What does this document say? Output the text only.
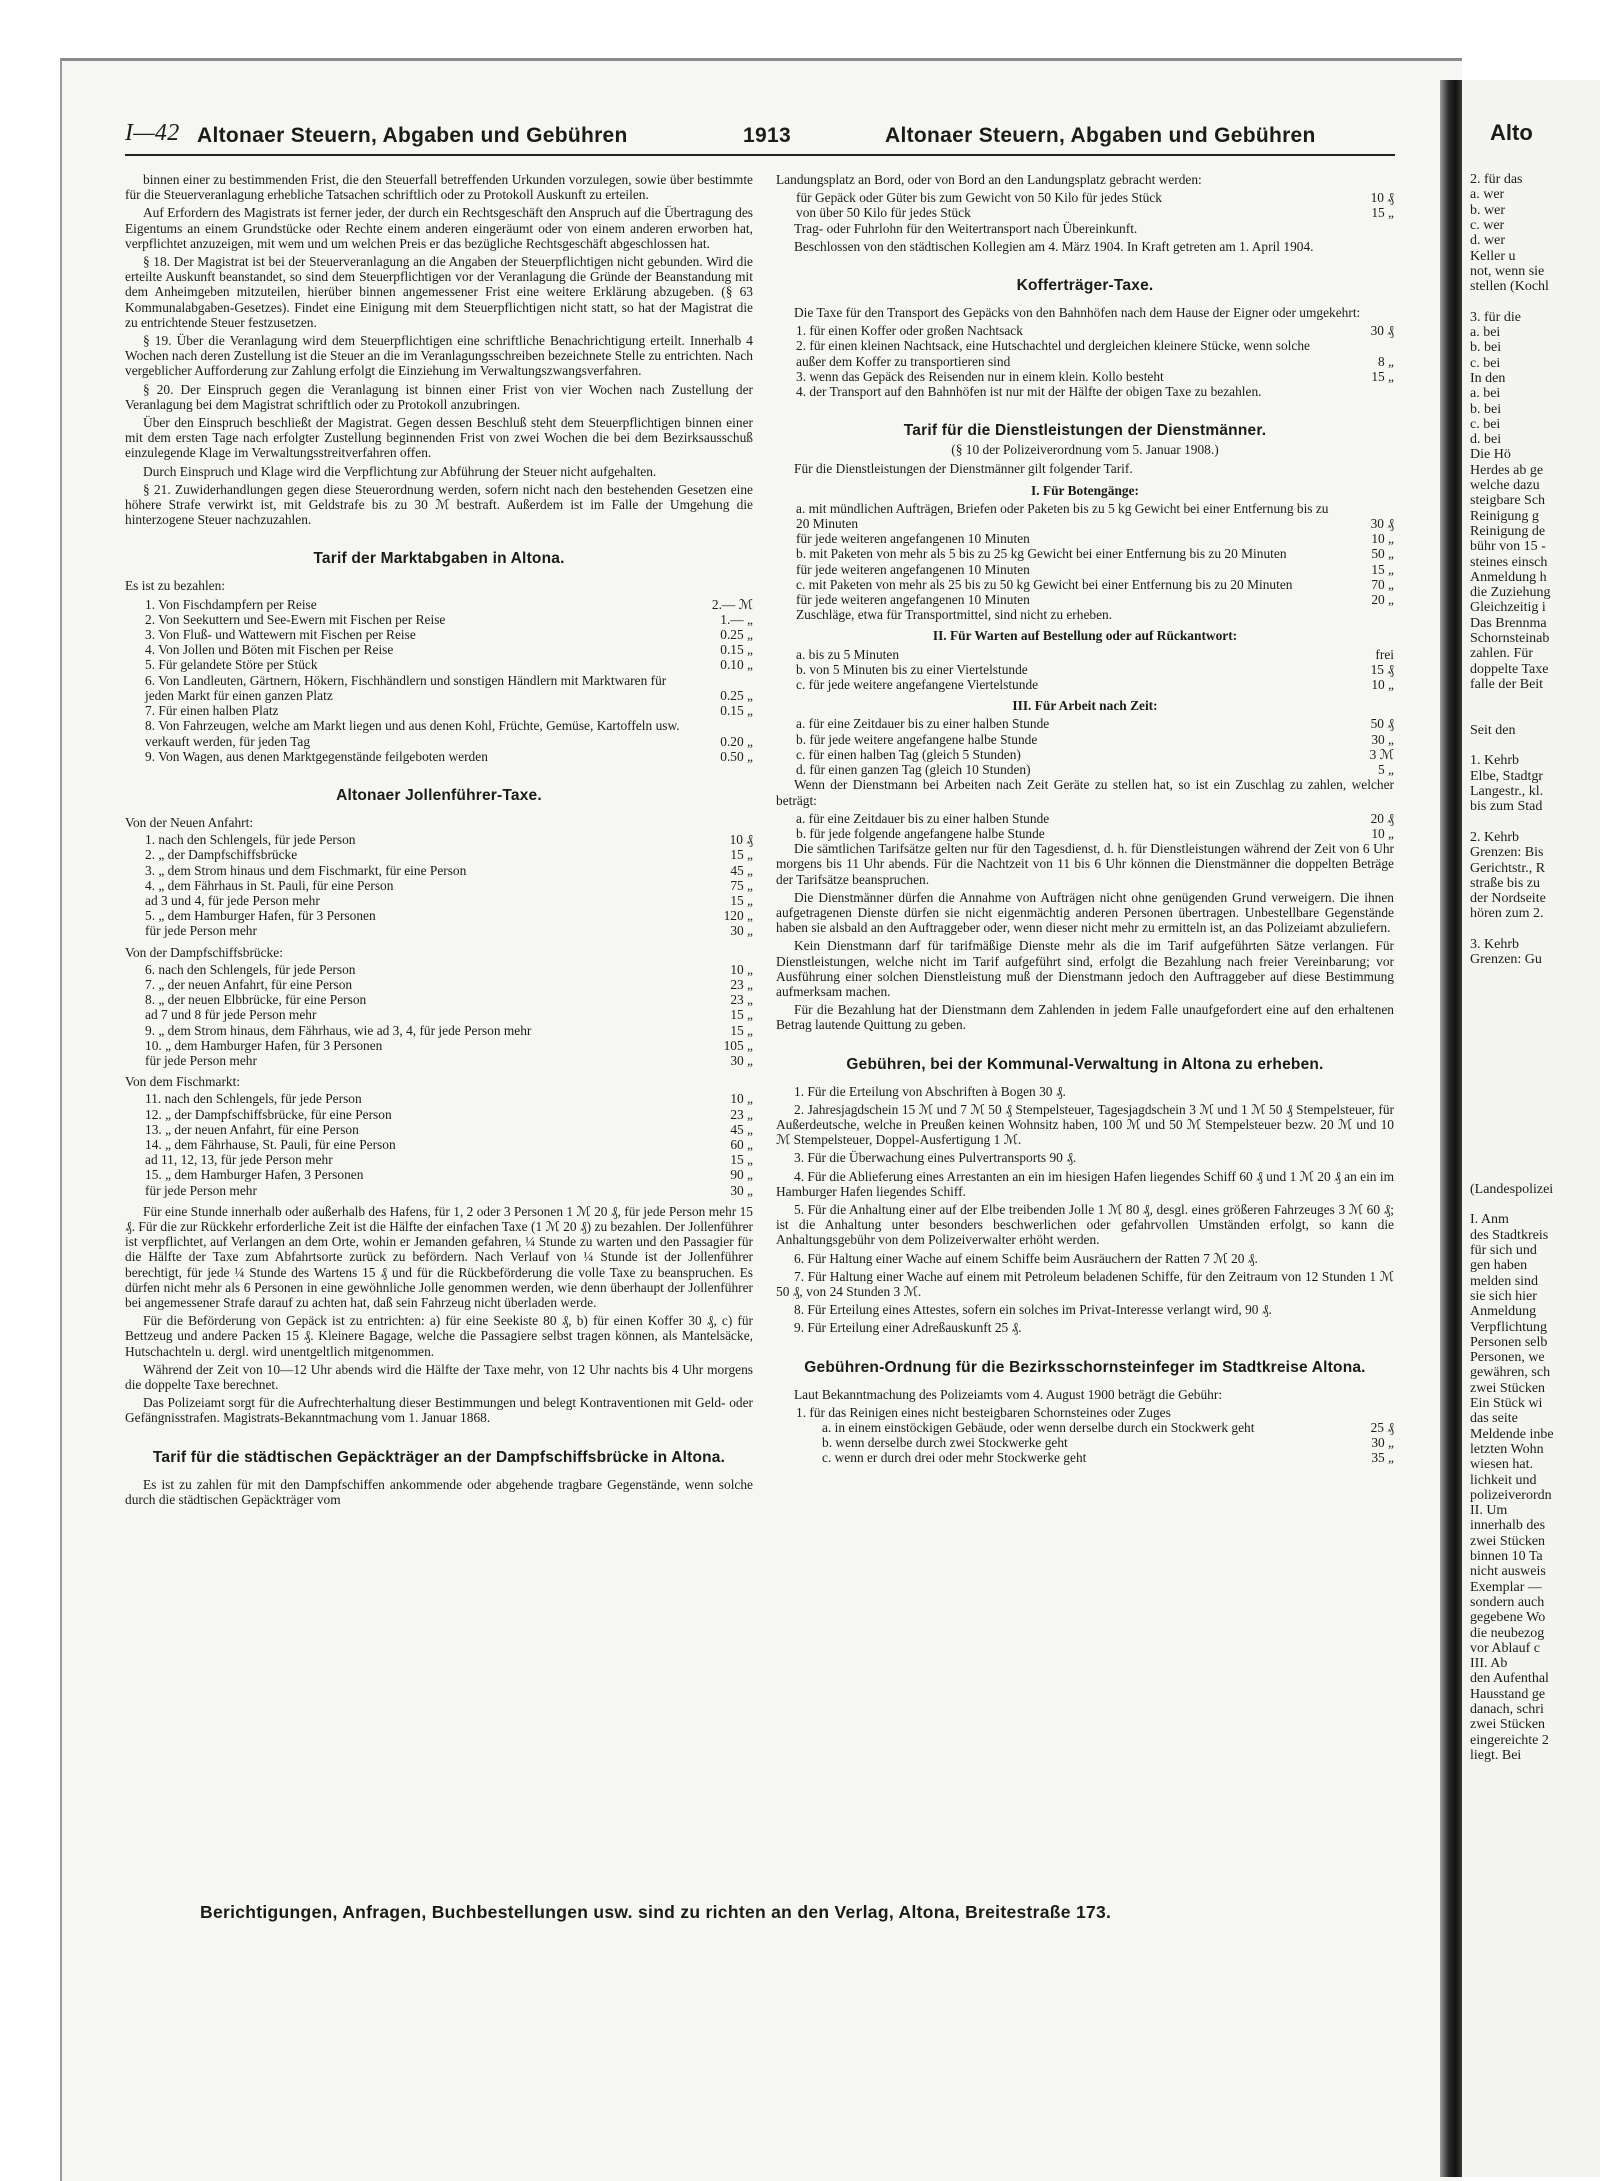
Alto
2. für das
a. wer
b. wer
c. wer
d. wer
Keller u
not, wenn sie
stellen (Kochl
3. für die
a. bei
b. bei
c. bei
In den
a. bei
b. bei
c. bei
d. bei
Die Hö
Herdes ab ge
welche dazu
steigbare Sch
Reinigung g
Reinigung de
bühr von 15 -
steines einsch
Anmeldung h
die Zuziehung
Gleichzeitig i
Das Brennma
Schornsteinab
zahlen. Für
doppelte Taxe
falle der Beit
Seit den
1. Kehrb
Elbe, Stadtgr
Langestr., kl.
bis zum Stad
2. Kehrb
Grenzen: Bis
Gerichtstr., R
straße bis zu
der Nordseite
hören zum 2.
3. Kehrb
Grenzen: Gu
(Landespolizei
I. Anm
des Stadtkreis
für sich und
gen haben
melden sind
sie sich hier
Anmeldung
Verpflichtung
Personen selb
Personen, we
gewähren, sch
zwei Stücken
Ein Stück wi
das seite
Meldende inbe
letzten Wohn
wiesen hat.
lichkeit und
polizeiverordn
II. Um
innerhalb des
zwei Stücken
binnen 10 Ta
nicht ausweis
Exemplar —
sondern auch
gegebene Wo
die neubezog
vor Ablauf c
III. Ab
den Aufenthal
Hausstand ge
danach, schri
zwei Stücken
eingereichte 2
liegt. Bei
I—42 Altonaer Steuern, Abgaben und Gebühren	1913	Altonaer Steuern, Abgaben und Gebühren

binnen einer zu bestimmenden Frist, die den Steuerfall betreffenden Urkunden vorzulegen, sowie über bestimmte für die Steuerveranlagung erhebliche Tatsachen schriftlich oder zu Protokoll Auskunft zu erteilen.

Auf Erfordern des Magistrats ist ferner jeder, der durch ein Rechtsgeschäft den Anspruch auf die Übertragung des Eigentums an einem Grundstücke oder Rechte einem anderen eingeräumt oder von einem anderen erworben hat, verpflichtet anzuzeigen, mit wem und um welchen Preis er das bezügliche Rechtsgeschäft abgeschlossen hat.

§ 18. Der Magistrat ist bei der Steuerveranlagung an die Angaben der Steuerpflichtigen nicht gebunden. Wird die erteilte Auskunft beanstandet, so sind dem Steuerpflichtigen vor der Veranlagung die Gründe der Beanstandung mit dem Anheimgeben mitzuteilen, hierüber binnen angemessener Frist eine weitere Erklärung abzugeben. (§ 63 Kommunalabgaben-Gesetzes). Findet eine Einigung mit dem Steuerpflichtigen nicht statt, so hat der Magistrat die zu entrichtende Steuer festzusetzen.

§ 19. Über die Veranlagung wird dem Steuerpflichtigen eine schriftliche Benachrichtigung erteilt. Innerhalb 4 Wochen nach deren Zustellung ist die Steuer an die im Veranlagungsschreiben bezeichnete Stelle zu entrichten. Nach vergeblicher Aufforderung zur Zahlung erfolgt die Einziehung im Verwaltungszwangsverfahren.

§ 20. Der Einspruch gegen die Veranlagung ist binnen einer Frist von vier Wochen nach Zustellung der Veranlagung bei dem Magistrat schriftlich oder zu Protokoll anzubringen.

Über den Einspruch beschließt der Magistrat. Gegen dessen Beschluß steht dem Steuerpflichtigen binnen einer mit dem ersten Tage nach erfolgter Zustellung beginnenden Frist von zwei Wochen die bei dem Bezirksausschuß einzulegende Klage im Verwaltungsstreitverfahren offen.

Durch Einspruch und Klage wird die Verpflichtung zur Abführung der Steuer nicht aufgehalten.

§ 21. Zuwiderhandlungen gegen diese Steuerordnung werden, sofern nicht nach den bestehenden Gesetzen eine höhere Strafe verwirkt ist, mit Geldstrafe bis zu 30 ℳ bestraft. Außerdem ist im Falle der Umgehung die hinterzogene Steuer nachzuzahlen.

Tarif der Marktabgaben in Altona.

Es ist zu bezahlen:

1. Von Fischdampfern per Reise	2.— ℳ
2. Von Seekuttern und See-Ewern mit Fischen per Reise	1.— „
3. Von Fluß- und Wattewern mit Fischen per Reise	0.25 „
4. Von Jollen und Böten mit Fischen per Reise	0.15 „
5. Für gelandete Störe per Stück	0.10 „
6. Von Landleuten, Gärtnern, Hökern, Fischhändlern und sonstigen Händlern mit Marktwaren für jeden Markt für einen ganzen Platz	0.25 „
7. Für einen halben Platz	0.15 „
8. Von Fahrzeugen, welche am Markt liegen und aus denen Kohl, Früchte, Gemüse, Kartoffeln usw. verkauft werden, für jeden Tag	0.20 „
9. Von Wagen, aus denen Marktgegenstände feilgeboten werden	0.50 „
Altonaer Jollenführer-Taxe.
Von der Neuen Anfahrt:
1. nach den Schlengels, für jede Person	10 ₰
2. „ der Dampfschiffsbrücke	15 „
3. „ dem Strom hinaus und dem Fischmarkt, für eine Person	45 „
4. „ dem Fährhaus in St. Pauli, für eine Person	75 „
ad 3 und 4, für jede Person mehr	15 „
5. „ dem Hamburger Hafen, für 3 Personen	120 „
für jede Person mehr	30 „
Von der Dampfschiffsbrücke:
6. nach den Schlengels, für jede Person	10 „
7. „ der neuen Anfahrt, für eine Person	23 „
8. „ der neuen Elbbrücke, für eine Person	23 „
ad 7 und 8 für jede Person mehr	15 „
9. „ dem Strom hinaus, dem Fährhaus, wie ad 3, 4, für jede Person mehr	15 „
10. „ dem Hamburger Hafen, für 3 Personen	105 „
für jede Person mehr	30 „
Von dem Fischmarkt:
11. nach den Schlengels, für jede Person	10 „
12. „ der Dampfschiffsbrücke, für eine Person	23 „
13. „ der neuen Anfahrt, für eine Person	45 „
14. „ dem Fährhause, St. Pauli, für eine Person	60 „
ad 11, 12, 13, für jede Person mehr	15 „
15. „ dem Hamburger Hafen, 3 Personen	90 „
für jede Person mehr	30 „

Für eine Stunde innerhalb oder außerhalb des Hafens, für 1, 2 oder 3 Personen 1 ℳ 20 ₰, für jede Person mehr 15 ₰. Für die zur Rückkehr erforderliche Zeit ist die Hälfte der einfachen Taxe (1 ℳ 20 ₰) zu bezahlen. Der Jollenführer ist verpflichtet, auf Verlangen an dem Orte, wohin er Jemanden gefahren, ¼ Stunde zu warten und den Passagier für die Hälfte der Taxe zum Abfahrtsorte zurück zu befördern. Nach Verlauf von ¼ Stunde ist der Jollenführer berechtigt, für jede ¼ Stunde des Wartens 15 ₰ und für die Rückbeförderung die volle Taxe zu beanspruchen. Es dürfen nicht mehr als 6 Personen in eine gewöhnliche Jolle genommen werden, wie denn überhaupt der Jollenführer bei angemessener Strafe darauf zu achten hat, daß sein Fahrzeug nicht überladen werde.

Für die Beförderung von Gepäck ist zu entrichten: a) für eine Seekiste 80 ₰, b) für einen Koffer 30 ₰, c) für Bettzeug und andere Packen 15 ₰. Kleinere Bagage, welche die Passagiere selbst tragen können, als Mantelsäcke, Hutschachteln u. dergl. wird unentgeltlich mitgenommen.

Während der Zeit von 10—12 Uhr abends wird die Hälfte der Taxe mehr, von 12 Uhr nachts bis 4 Uhr morgens die doppelte Taxe berechnet.

Das Polizeiamt sorgt für die Aufrechterhaltung dieser Bestimmungen und belegt Kontraventionen mit Geld- oder Gefängnisstrafen. Magistrats-Bekanntmachung vom 1. Januar 1868.

Tarif für die städtischen Gepäckträger an der Dampfschiffsbrücke in Altona.

Es ist zu zahlen für mit den Dampfschiffen ankommende oder abgehende tragbare Gegenstände, wenn solche durch die städtischen Gepäckträger vom

Landungsplatz an Bord, oder von Bord an den Landungsplatz gebracht werden:

für Gepäck oder Güter bis zum Gewicht von 50 Kilo für jedes Stück	10 ₰
von über 50 Kilo für jedes Stück	15 „

Trag- oder Fuhrlohn für den Weitertransport nach Übereinkunft.

Beschlossen von den städtischen Kollegien am 4. März 1904. In Kraft getreten am 1. April 1904.

Kofferträger-Taxe.

Die Taxe für den Transport des Gepäcks von den Bahnhöfen nach dem Hause der Eigner oder umgekehrt:

1. für einen Koffer oder großen Nachtsack	30 ₰
2. für einen kleinen Nachtsack, eine Hutschachtel und dergleichen kleinere Stücke, wenn solche außer dem Koffer zu transportieren sind	8 „
3. wenn das Gepäck des Reisenden nur in einem klein. Kollo besteht	15 „
4. der Transport auf den Bahnhöfen ist nur mit der Hälfte der obigen Taxe zu bezahlen.
Tarif für die Dienstleistungen der Dienstmänner.
(§ 10 der Polizeiverordnung vom 5. Januar 1908.)

Für die Dienstleistungen der Dienstmänner gilt folgender Tarif.

I. Für Botengänge:
a. mit mündlichen Aufträgen, Briefen oder Paketen bis zu 5 kg Gewicht bei einer Entfernung bis zu 20 Minuten	30 ₰
für jede weiteren angefangenen 10 Minuten	10 „
b. mit Paketen von mehr als 5 bis zu 25 kg Gewicht bei einer Entfernung bis zu 20 Minuten	50 „
für jede weiteren angefangenen 10 Minuten	15 „
c. mit Paketen von mehr als 25 bis zu 50 kg Gewicht bei einer Entfernung bis zu 20 Minuten	70 „
für jede weiteren angefangenen 10 Minuten	20 „
Zuschläge, etwa für Transportmittel, sind nicht zu erheben.
II. Für Warten auf Bestellung oder auf Rückantwort:
a. bis zu 5 Minuten	frei
b. von 5 Minuten bis zu einer Viertelstunde	15 ₰
c. für jede weitere angefangene Viertelstunde	10 „
III. Für Arbeit nach Zeit:
a. für eine Zeitdauer bis zu einer halben Stunde	50 ₰
b. für jede weitere angefangene halbe Stunde	30 „
c. für einen halben Tag (gleich 5 Stunden)	3 ℳ
d. für einen ganzen Tag (gleich 10 Stunden)	5 „

Wenn der Dienstmann bei Arbeiten nach Zeit Geräte zu stellen hat, so ist ein Zuschlag zu zahlen, welcher beträgt:

a. für eine Zeitdauer bis zu einer halben Stunde	20 ₰
b. für jede folgende angefangene halbe Stunde	10 „

Die sämtlichen Tarifsätze gelten nur für den Tagesdienst, d. h. für Dienstleistungen während der Zeit von 6 Uhr morgens bis 11 Uhr abends. Für die Nachtzeit von 11 bis 6 Uhr können die Dienstmänner die doppelten Beträge der Tarifsätze beanspruchen.

Die Dienstmänner dürfen die Annahme von Aufträgen nicht ohne genügenden Grund verweigern. Die ihnen aufgetragenen Dienste dürfen sie nicht eigenmächtig anderen Personen übertragen. Unbestellbare Gegenstände haben sie alsbald an den Auftraggeber oder, wenn dieser nicht mehr zu ermitteln ist, an das Polizeiamt abzuliefern.

Kein Dienstmann darf für tarifmäßige Dienste mehr als die im Tarif aufgeführten Sätze verlangen. Für Dienstleistungen, welche nicht im Tarif aufgeführt sind, erfolgt die Bezahlung nach freier Vereinbarung; vor Ausführung einer solchen Dienstleistung muß der Dienstmann jedoch den Auftraggeber auf diese Bestimmung aufmerksam machen.

Für die Bezahlung hat der Dienstmann dem Zahlenden in jedem Falle unaufgefordert eine auf den erhaltenen Betrag lautende Quittung zu geben.

Gebühren, bei der Kommunal-Verwaltung in Altona zu erheben.

1. Für die Erteilung von Abschriften à Bogen 30 ₰.

2. Jahresjagdschein 15 ℳ und 7 ℳ 50 ₰ Stempelsteuer, Tagesjagdschein 3 ℳ und 1 ℳ 50 ₰ Stempelsteuer, für Außerdeutsche, welche in Preußen keinen Wohnsitz haben, 100 ℳ und 50 ℳ Stempelsteuer bezw. 20 ℳ und 10 ℳ Stempelsteuer, Doppel-Ausfertigung 1 ℳ.

3. Für die Überwachung eines Pulvertransports 90 ₰.

4. Für die Ablieferung eines Arrestanten an ein im hiesigen Hafen liegendes Schiff 60 ₰ und 1 ℳ 20 ₰ an ein im Hamburger Hafen liegendes Schiff.

5. Für die Anhaltung einer auf der Elbe treibenden Jolle 1 ℳ 80 ₰, desgl. eines größeren Fahrzeuges 3 ℳ 60 ₰; ist die Anhaltung unter besonders beschwerlichen oder gefahrvollen Umständen erfolgt, so kann die Anhaltungsgebühr von dem Polizeiverwalter erhöht werden.

6. Für Haltung einer Wache auf einem Schiffe beim Ausräuchern der Ratten 7 ℳ 20 ₰.

7. Für Haltung einer Wache auf einem mit Petroleum beladenen Schiffe, für den Zeitraum von 12 Stunden 1 ℳ 50 ₰, von 24 Stunden 3 ℳ.

8. Für Erteilung eines Attestes, sofern ein solches im Privat-Interesse verlangt wird, 90 ₰.

9. Für Erteilung einer Adreßauskunft 25 ₰.

Gebühren-Ordnung für die Bezirksschornsteinfeger im Stadtkreise Altona.

Laut Bekanntmachung des Polizeiamts vom 4. August 1900 beträgt die Gebühr:

1. für das Reinigen eines nicht besteigbaren Schornsteines oder Zuges
a. in einem einstöckigen Gebäude, oder wenn derselbe durch ein Stockwerk geht	25 ₰
b. wenn derselbe durch zwei Stockwerke geht	30 „
c. wenn er durch drei oder mehr Stockwerke geht	35 „
Berichtigungen, Anfragen, Buchbestellungen usw. sind zu richten an den Verlag, Altona, Breitestraße 173.
